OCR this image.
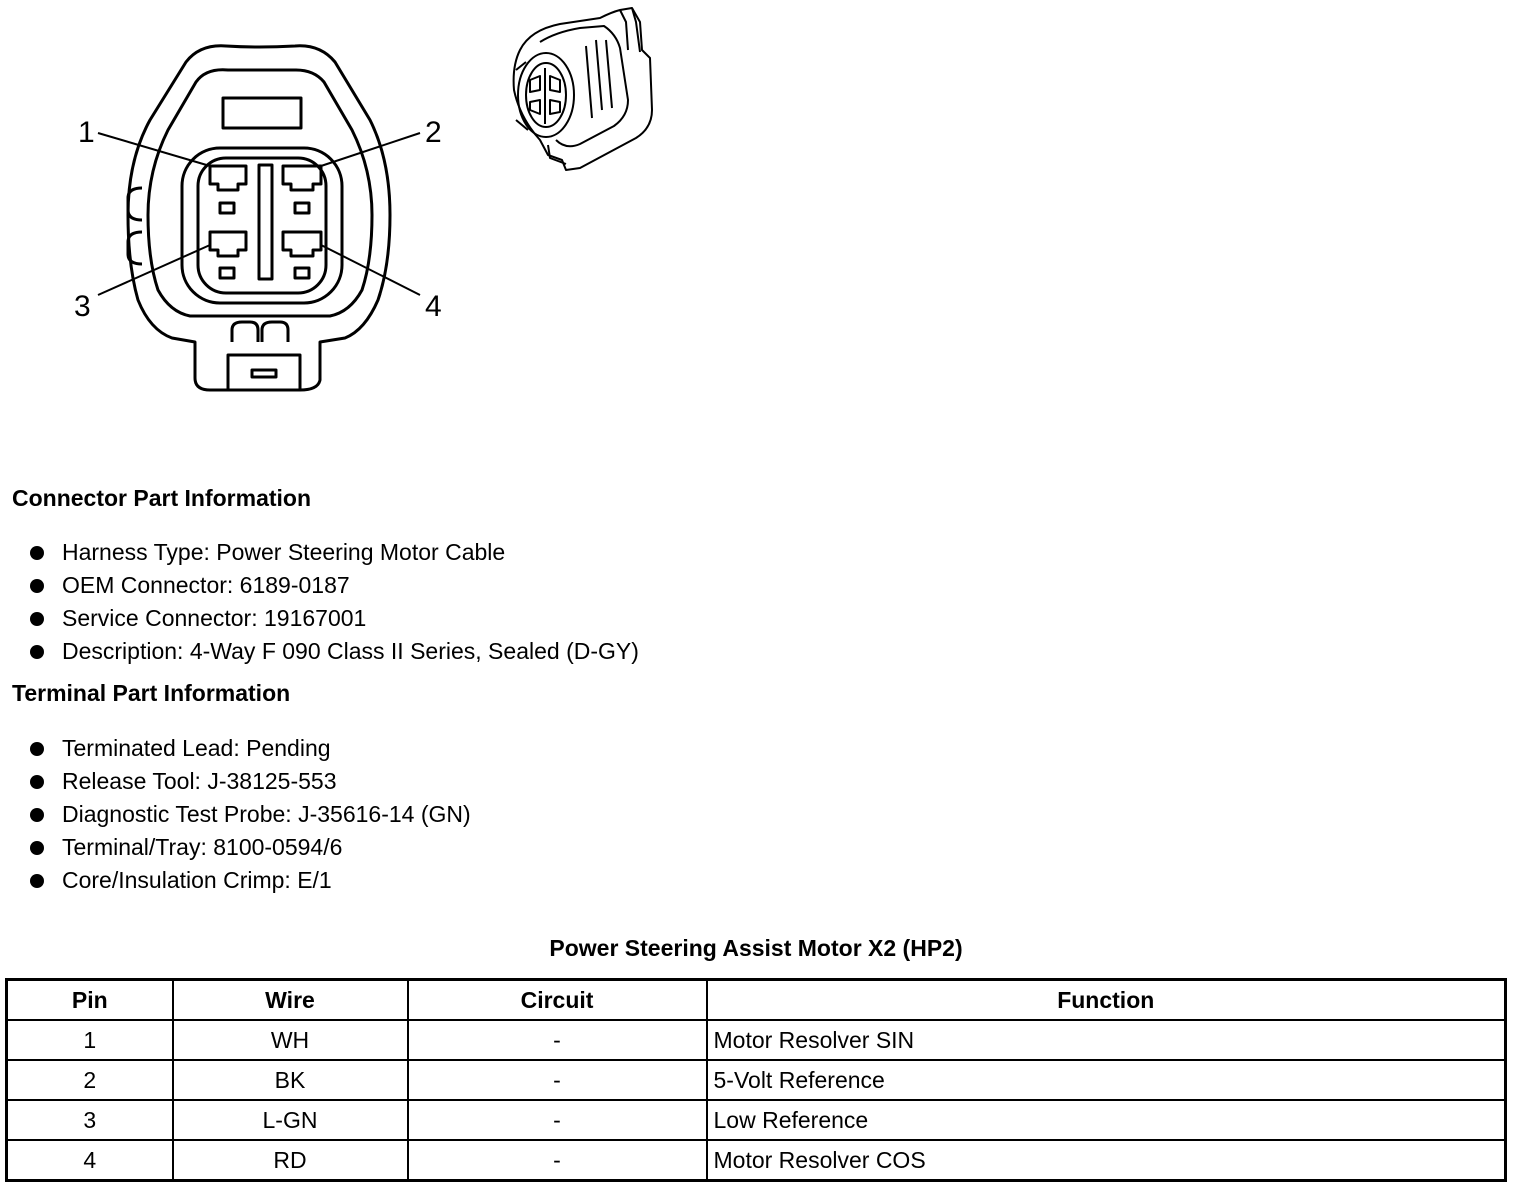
1	2
3	4
Connector Part Information
Harness Type: Power Steering Motor Cable
OEM Connector: 6189-0187
Service Connector: 19167001
Description: 4-Way F 090 Class II Series, Sealed (D-GY)
Terminal Part Information
Terminated Lead: Pending
Release Tool: J-38125-553
Diagnostic Test Probe: J-35616-14 (GN)
Terminal/Tray: 8100-0594/6
Core/Insulation Crimp: E/1
Power Steering Assist Motor X2 (HP2)
Pin	Wire	Circuit	Function
1	WH	-	Motor Resolver SIN
2	BK	-	5-Volt Reference
3	L-GN	-	Low Reference
4	RD	-	Motor Resolver COS
